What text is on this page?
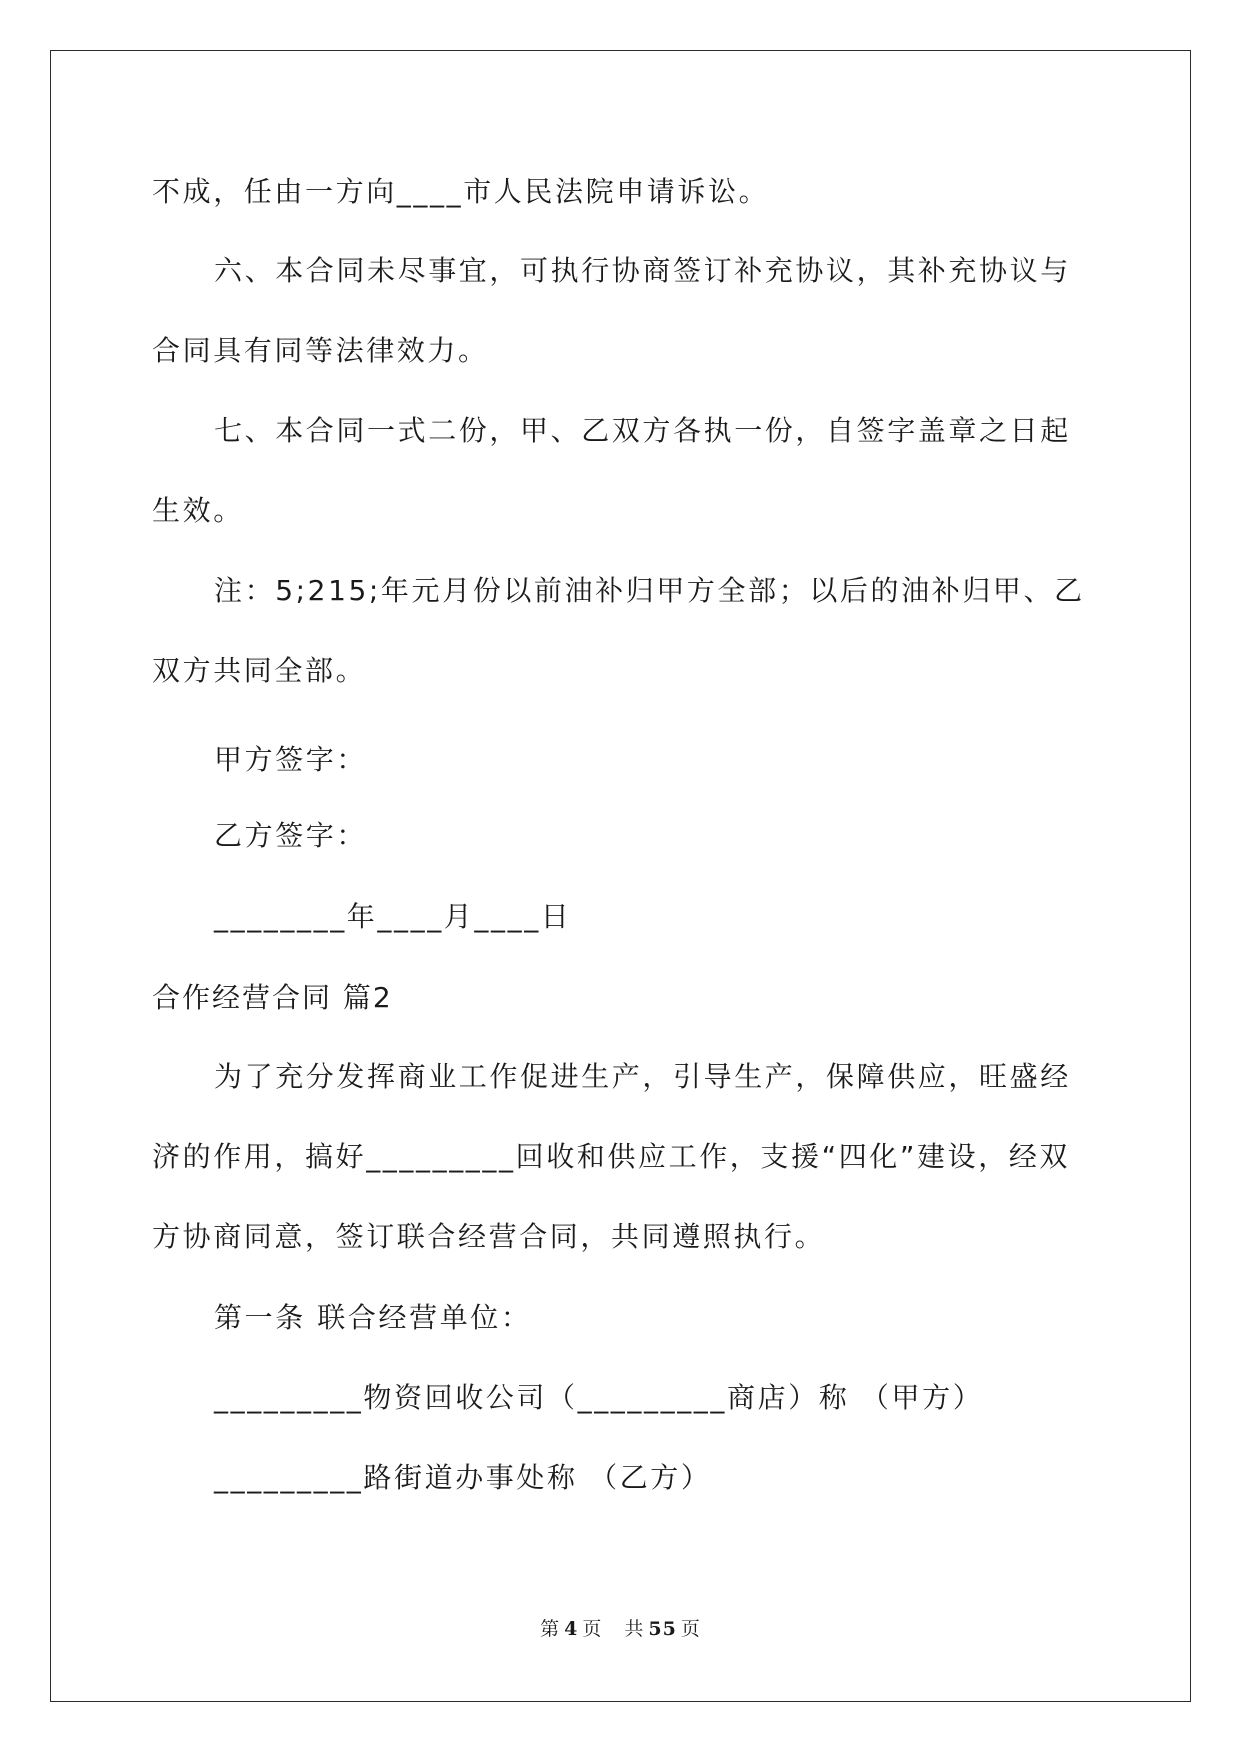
不成，任由一方向____市人民法院申请诉讼。
六、本合同未尽事宜，可执行协商签订补充协议，其补充协议与
合同具有同等法律效力。
七、本合同一式二份，甲、乙双方各执一份，自签字盖章之日起
生效。
注：5;215;年元月份以前油补归甲方全部；以后的油补归甲、乙
双方共同全部。
甲方签字：
乙方签字：
________年____月____日
合作经营合同 篇2
为了充分发挥商业工作促进生产，引导生产，保障供应，旺盛经
济的作用，搞好_________回收和供应工作，支援“四化”建设，经双
方协商同意，签订联合经营合同，共同遵照执行。
第一条 联合经营单位：
_________物资回收公司（_________商店）称 （甲方）
_________路街道办事处称 （乙方）
第 4 页 共 55 页
